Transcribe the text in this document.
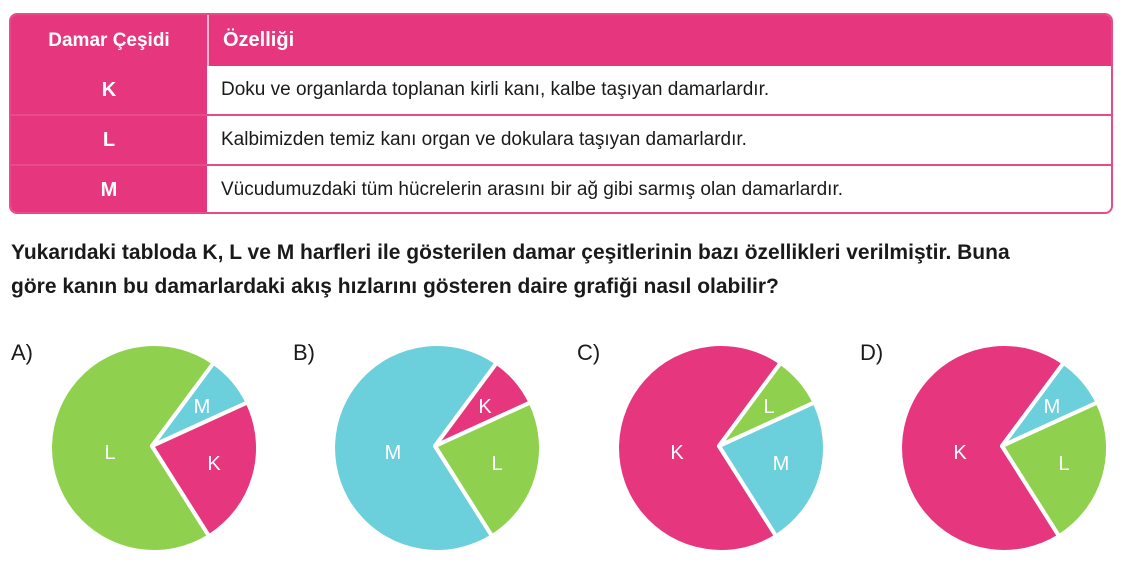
Damar Çeşidi	Özelliği
K	Doku ve organlarda toplanan kirli kanı, kalbe taşıyan damarlardır.
L	Kalbimizden temiz kanı organ ve dokulara taşıyan damarlardır.
M	Vücudumuzdaki tüm hücrelerin arasını bir ağ gibi sarmış olan damarlardır.
Yukarıdaki tabloda K, L ve M harfleri ile gösterilen damar çeşitlerinin bazı özellikleri verilmiştir. Buna
göre kanın bu damarlardaki akış hızlarını gösteren daire grafiği nasıl olabilir?
A)
L
M
K
B)
M
K
L
C)
K
L
M
D)
K
M
L
